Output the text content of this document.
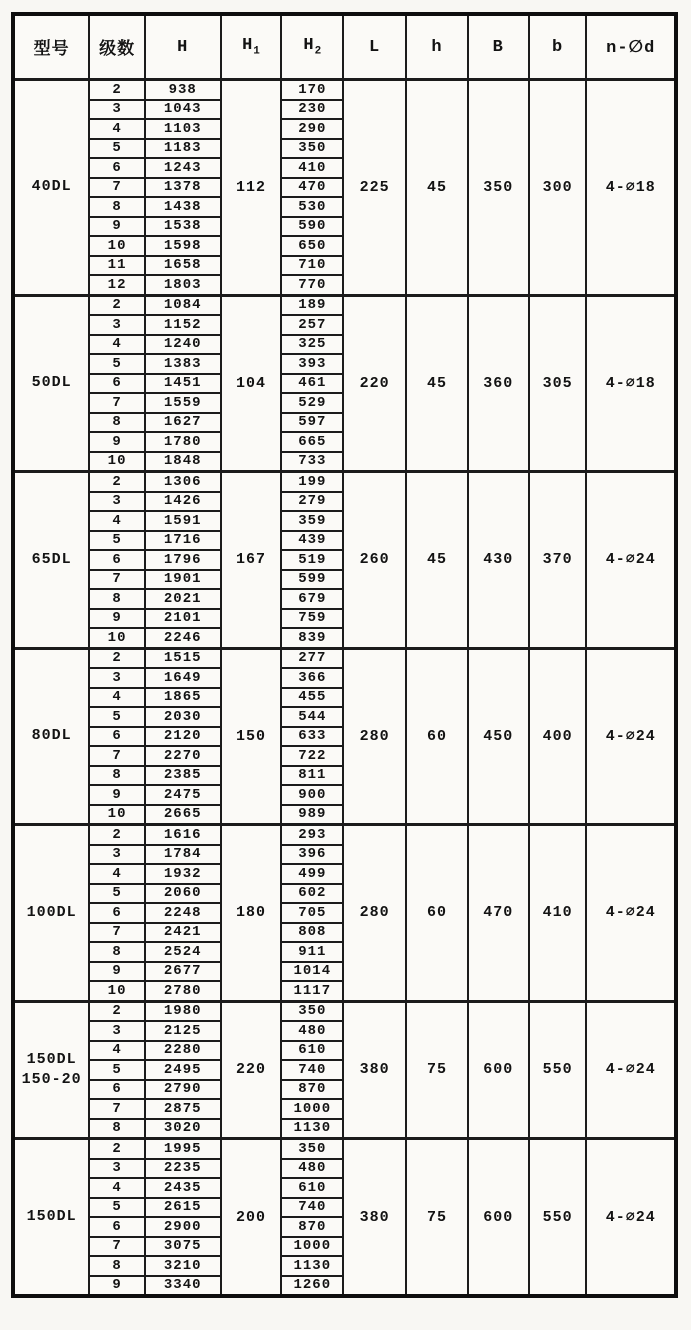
型号	级数	H	$H_1$	$H_2$	L	h	B	b	n-∅d

40DL	2	938	112	170	225	45	350	300	4-∅18
	3	1043		230					
	4	1103		290					
	5	1183		350					
	6	1243		410					
	7	1378		470					
	8	1438		530					
	9	1538		590					
	10	1598		650					
	11	1658		710					
	12	1803		770					

50DL	2	1084	104	189	220	45	360	305	4-∅18
	3	1152		257					
	4	1240		325					
	5	1383		393					
	6	1451		461					
	7	1559		529					
	8	1627		597					
	9	1780		665					
	10	1848		733					

65DL	2	1306	167	199	260	45	430	370	4-∅24
	3	1426		279					
	4	1591		359					
	5	1716		439					
	6	1796		519					
	7	1901		599					
	8	2021		679					
	9	2101		759					
	10	2246		839					

80DL	2	1515	150	277	280	60	450	400	4-∅24
	3	1649		366					
	4	1865		455					
	5	2030		544					
	6	2120		633					
	7	2270		722					
	8	2385		811					
	9	2475		900					
	10	2665		989					

100DL	2	1616	180	293	280	60	470	410	4-∅24
	3	1784		396					
	4	1932		499					
	5	2060		602					
	6	2248		705					
	7	2421		808					
	8	2524		911					
	9	2677		1014					
	10	2780		1117					

150DL
150-20	2	1980	220	350	380	75	600	550	4-∅24
	3	2125		480					
	4	2280		610					
	5	2495		740					
	6	2790		870					
	7	2875		1000					
	8	3020		1130					

150DL	2	1995	200	350	380	75	600	550	4-∅24
	3	2235		480					
	4	2435		610					
	5	2615		740					
	6	2900		870					
	7	3075		1000					
	8	3210		1130					
	9	3340		1260					
